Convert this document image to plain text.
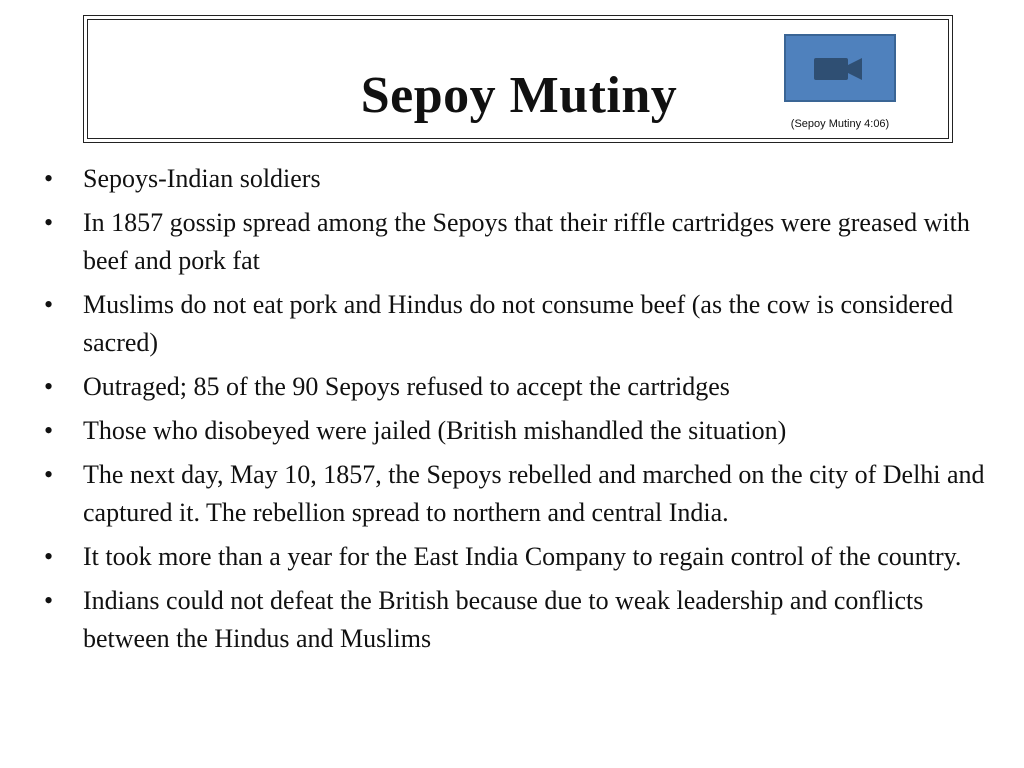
Sepoy Mutiny	(Sepoy Mutiny 4:06)
• Sepoys-Indian soldiers
• In 1857 gossip spread among the Sepoys that their riffle cartridges were greased with beef and pork fat
• Muslims do not eat pork and Hindus do not consume beef (as the cow is considered sacred)
• Outraged; 85 of the 90 Sepoys refused to accept the cartridges
• Those who disobeyed were jailed (British mishandled the situation)
• The next day, May 10, 1857, the Sepoys rebelled and marched on the city of Delhi and captured it. The rebellion spread to northern and central India.
• It took more than a year for the East India Company to regain control of the country.
• Indians could not defeat the British because due to weak leadership and conflicts between the Hindus and Muslims
